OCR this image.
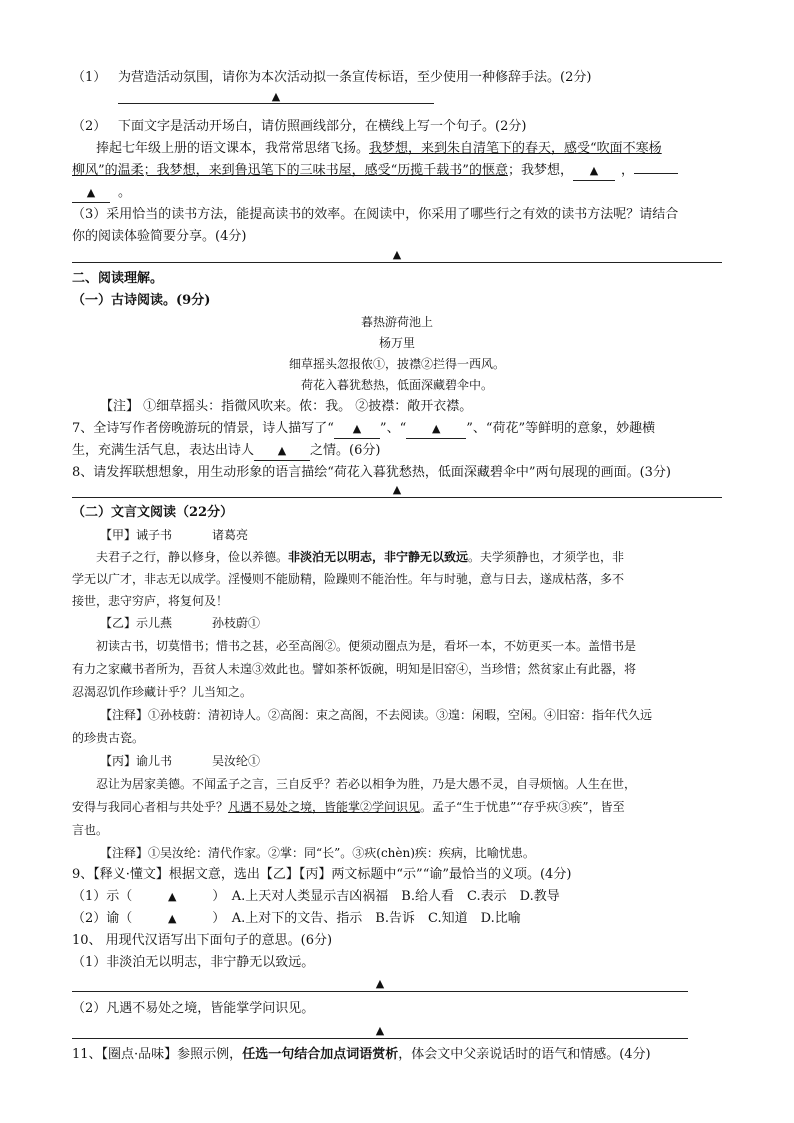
（1） 为营造活动氛围，请你为本次活动拟一条宣传标语，至少使用一种修辞手法。(2分)
▲
（2） 下面文字是活动开场白，请仿照画线部分，在横线上写一个句子。(2分)
捧起七年级上册的语文课本，我常常思绪飞扬。我梦想，来到朱自清笔下的春天，感受“吹面不寒杨
柳风”的温柔；我梦想，来到鲁迅笔下的三味书屋，感受“历揽千载书”的惬意；我梦想， ▲ ，
▲ 。
（3）采用恰当的读书方法，能提高读书的效率。在阅读中，你采用了哪些行之有效的读书方法呢？请结合
你的阅读体验简要分享。(4分)
▲
二、阅读理解。
（一）古诗阅读。(9分)
暮热游荷池上
杨万里
细草摇头忽报侬①，披襟②拦得一西风。
荷花入暮犹愁热，低面深藏碧伞中。
【注】 ①细草摇头：指微风吹来。侬：我。 ②披襟：敞开衣襟。
7、全诗写作者傍晚游玩的情景，诗人描写了“ ▲ ”、“ ▲ ”、“荷花”等鲜明的意象，妙趣横
生，充满生活气息，表达出诗人 ▲ 之情。(6分)
8、请发挥联想想象，用生动形象的语言描绘“荷花入暮犹愁热，低面深藏碧伞中”两句展现的画面。(3分)
▲
（二）文言文阅读（22分）
【甲】诫子书	诸葛亮
夫君子之行，静以修身，俭以养德。非淡泊无以明志，非宁静无以致远。夫学须静也，才须学也，非
学无以广才，非志无以成学。淫慢则不能励精，险躁则不能治性。年与时驰，意与日去，遂成枯落，多不
接世，悲守穷庐，将复何及！
【乙】示儿燕	孙枝蔚①
初读古书，切莫惜书；惜书之甚，必至高阁②。便须动圈点为是，看坏一本，不妨更买一本。盖惜书是
有力之家藏书者所为，吾贫人未遑③效此也。譬如茶杯饭碗，明知是旧窑④，当珍惜；然贫家止有此器，将
忍渴忍饥作珍藏计乎？儿当知之。
【注释】①孙枝蔚：清初诗人。②高阁：束之高阁，不去阅读。③遑：闲暇，空闲。④旧窑：指年代久远
的珍贵古瓷。
【丙】谕儿书	吴汝纶①
忍让为居家美德。不闻孟子之言，三自反乎？若必以相争为胜，乃是大愚不灵，自寻烦恼。人生在世，
安得与我同心者相与共处乎？凡遇不易处之境，皆能掌②学问识见。孟子“生于忧患”“存乎疢③疾”，皆至
言也。
【注释】①吴汝纶：清代作家。②掌：同“长”。③疢(chèn)疾：疾病，比喻忧患。
9、【释义·懂文】根据文意，选出【乙】【丙】两文标题中“示”“谕”最恰当的义项。(4分)
（1）示（	▲	）　A.上天对人类显示吉凶祸福　B.给人看　C.表示　D.教导
（2）谕（	▲	）　A.上对下的文告、指示　B.告诉　C.知道　D.比喻
10、 用现代汉语写出下面句子的意思。(6分)
（1）非淡泊无以明志，非宁静无以致远。
▲
（2）凡遇不易处之境，皆能掌学问识见。
▲
11、【圈点·品味】参照示例，任选一句结合加点词语赏析，体会文中父亲说话时的语气和情感。(4分)
